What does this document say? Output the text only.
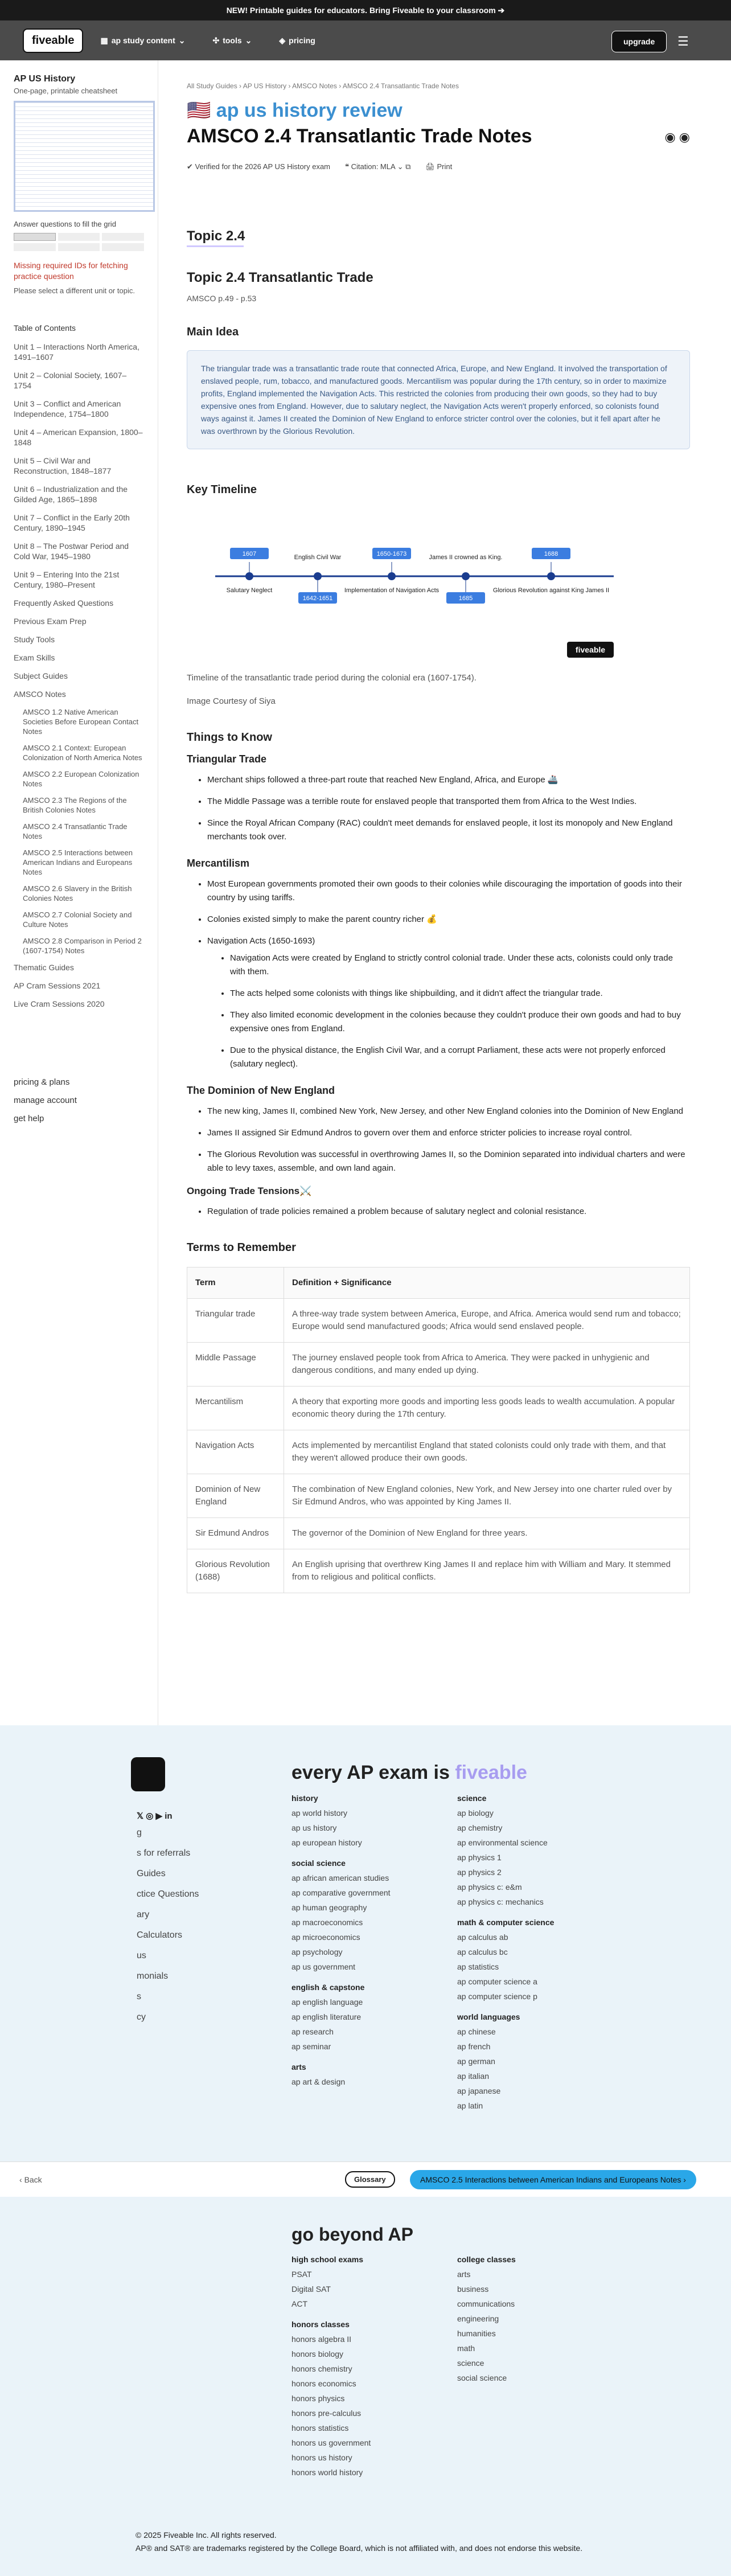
NEW! Printable guides for educators. Bring Fiveable to your classroom ➔
fiveable	▦ ap study content ⌄	✣ tools ⌄	◈ pricing	upgrade	☰
AP US History
One-page, printable cheatsheet
Answer questions to fill the grid
Missing required IDs for fetching practice question
Please select a different unit or topic.
Table of Contents
Unit 1 – Interactions North America, 1491–1607
Unit 2 – Colonial Society, 1607–1754
Unit 3 – Conflict and American Independence, 1754–1800
Unit 4 – American Expansion, 1800–1848
Unit 5 – Civil War and Reconstruction, 1848–1877
Unit 6 – Industrialization and the Gilded Age, 1865–1898
Unit 7 – Conflict in the Early 20th Century, 1890–1945
Unit 8 – The Postwar Period and Cold War, 1945–1980
Unit 9 – Entering Into the 21st Century, 1980–Present
Frequently Asked Questions
Previous Exam Prep
Study Tools
Exam Skills
Subject Guides
AMSCO Notes
AMSCO 1.2 Native American Societies Before European Contact Notes
AMSCO 2.1 Context: European Colonization of North America Notes
AMSCO 2.2 European Colonization Notes
AMSCO 2.3 The Regions of the British Colonies Notes
AMSCO 2.4 Transatlantic Trade Notes
AMSCO 2.5 Interactions between American Indians and Europeans Notes
AMSCO 2.6 Slavery in the British Colonies Notes
AMSCO 2.7 Colonial Society and Culture Notes
AMSCO 2.8 Comparison in Period 2 (1607-1754) Notes
Thematic Guides
AP Cram Sessions 2021
Live Cram Sessions 2020
pricing & plans
manage account
get help
All Study Guides › AP US History › AMSCO Notes › AMSCO 2.4 Transatlantic Trade Notes
🇺🇸 ap us history review
AMSCO 2.4 Transatlantic Trade Notes	◉ ◉
✔ Verified for the 2026 AP US History exam ❝ Citation: MLA ⌄ ⧉ 🖨 Print
Topic 2.4
Topic 2.4 Transatlantic Trade
AMSCO p.49 - p.53
Main Idea
The triangular trade was a transatlantic trade route that connected Africa, Europe, and New England. It involved the transportation of enslaved people, rum, tobacco, and manufactured goods. Mercantilism was popular during the 17th century, so in order to maximize profits, England implemented the Navigation Acts. This restricted the colonies from producing their own goods, so they had to buy expensive ones from England. However, due to salutary neglect, the Navigation Acts weren't properly enforced, so colonists found ways against it. James II created the Dominion of New England to enforce stricter control over the colonies, but it fell apart after he was overthrown by the Glorious Revolution.
Key Timeline
1607
Salutary Neglect
1642-1651
English Civil War	1650-1673
Implementation of Navigation Acts
1685
James II crowned as King.	1688
Glorious Revolution against King James II
fiveable
Timeline of the transatlantic trade period during the colonial era (1607-1754).
Image Courtesy of Siya
Things to Know
Triangular Trade
• Merchant ships followed a three-part route that reached New England, Africa, and Europe 🚢
• The Middle Passage was a terrible route for enslaved people that transported them from Africa to the West Indies.
• Since the Royal African Company (RAC) couldn't meet demands for enslaved people, it lost its monopoly and New England merchants took over.
Mercantilism
• Most European governments promoted their own goods to their colonies while discouraging the importation of goods into their country by using tariffs.
• Colonies existed simply to make the parent country richer 💰
• Navigation Acts (1650-1693)
• Navigation Acts were created by England to strictly control colonial trade. Under these acts, colonists could only trade with them.
• The acts helped some colonists with things like shipbuilding, and it didn't affect the triangular trade.
• They also limited economic development in the colonies because they couldn't produce their own goods and had to buy expensive ones from England.
• Due to the physical distance, the English Civil War, and a corrupt Parliament, these acts were not properly enforced (salutary neglect).
The Dominion of New England
• The new king, James II, combined New York, New Jersey, and other New England colonies into the Dominion of New England
• James II assigned Sir Edmund Andros to govern over them and enforce stricter policies to increase royal control.
• The Glorious Revolution was successful in overthrowing James II, so the Dominion separated into individual charters and were able to levy taxes, assemble, and own land again.
Ongoing Trade Tensions⚔️
• Regulation of trade policies remained a problem because of salutary neglect and colonial resistance.
Terms to Remember
Term	Definition + Significance
Triangular trade	A three-way trade system between America, Europe, and Africa. America would send rum and tobacco; Europe would send manufactured goods; Africa would send enslaved people.
Middle Passage	The journey enslaved people took from Africa to America. They were packed in unhygienic and dangerous conditions, and many ended up dying.
Mercantilism	A theory that exporting more goods and importing less goods leads to wealth accumulation. A popular economic theory during the 17th century.
Navigation Acts	Acts implemented by mercantilist England that stated colonists could only trade with them, and that they weren't allowed produce their own goods.
Dominion of New England	The combination of New England colonies, New York, and New Jersey into one charter ruled over by Sir Edmund Andros, who was appointed by King James II.
Sir Edmund Andros	The governor of the Dominion of New England for three years.
Glorious Revolution (1688)	An English uprising that overthrew King James II and replace him with William and Mary. It stemmed from to religious and political conflicts.
𝕏 ◎ ▶ in
g
s for referrals
Guides
ctice Questions
ary
Calculators
us
monials
s
cy
every AP exam is fiveable
history
ap world history
ap us history
ap european history
social science
ap african american studies
ap comparative government
ap human geography
ap macroeconomics
ap microeconomics
ap psychology
ap us government
english & capstone
ap english language
ap english literature
ap research
ap seminar
arts
ap art & design
science
ap biology
ap chemistry
ap environmental science
ap physics 1
ap physics 2
ap physics c: e&m
ap physics c: mechanics
math & computer science
ap calculus ab
ap calculus bc
ap statistics
ap computer science a
ap computer science p
world languages
ap chinese
ap french
ap german
ap italian
ap japanese
ap latin
go beyond AP
high school exams
PSAT
Digital SAT
ACT
honors classes
honors algebra II
honors biology
honors chemistry
honors economics
honors physics
honors pre-calculus
honors statistics
honors us government
honors us history
honors world history
college classes
arts
business
communications
engineering
humanities
math
science
social science
© 2025 Fiveable Inc. All rights reserved.
AP® and SAT® are trademarks registered by the College Board, which is not affiliated with, and does not endorse this website.
‹ Back	Glossary	AMSCO 2.5 Interactions between American Indians and Europeans Notes ›
